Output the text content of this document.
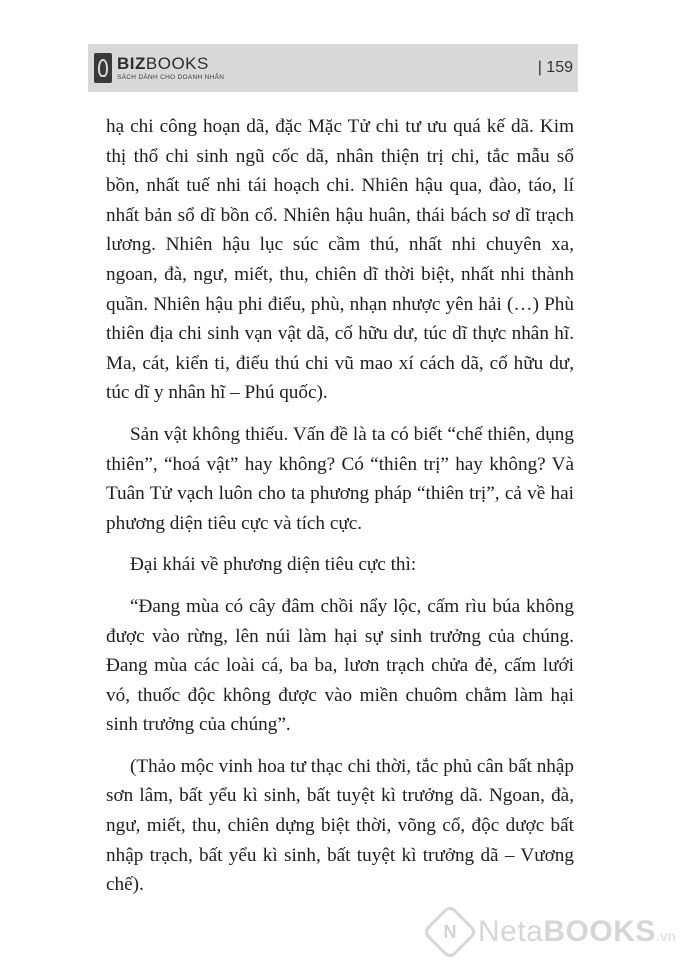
BIZBOOKS
SÁCH DÀNH CHO DOANH NHÂN
| 159

hạ chi công hoạn dã, đặc Mặc Tử chi tư ưu quá kế dã. Kim thị thổ chi sinh ngũ cốc dã, nhân thiện trị chi, tắc mẫu sổ bồn, nhất tuế nhi tái hoạch chi. Nhiên hậu qua, đào, táo, lí nhất bản sổ dĩ bồn cổ. Nhiên hậu huân, thái bách sơ dĩ trạch lương. Nhiên hậu lục súc cầm thú, nhất nhi chuyên xa, ngoan, đà, ngư, miết, thu, chiên dĩ thời biệt, nhất nhi thành quần. Nhiên hậu phi điểu, phù, nhạn nhược yên hải (…) Phù thiên địa chi sinh vạn vật dã, cố hữu dư, túc dĩ thực nhân hĩ. Ma, cát, kiển ti, điểu thú chi vũ mao xí cách dã, cố hữu dư, túc dĩ y nhân hĩ – Phú quốc).

Sản vật không thiếu. Vấn đề là ta có biết “chế thiên, dụng thiên”, “hoá vật” hay không? Có “thiên trị” hay không? Và Tuân Tử vạch luôn cho ta phương pháp “thiên trị”, cả về hai phương diện tiêu cực và tích cực.

Đại khái về phương diện tiêu cực thì:

“Đang mùa có cây đâm chồi nẩy lộc, cấm rìu búa không được vào rừng, lên núi làm hại sự sinh trưởng của chúng. Đang mùa các loài cá, ba ba, lươn trạch chửa đẻ, cấm lưới vó, thuốc độc không được vào miền chuôm chằm làm hại sinh trưởng của chúng”.

(Thảo mộc vinh hoa tư thạc chi thời, tắc phủ cân bất nhập sơn lâm, bất yểu kì sinh, bất tuyệt kì trưởng dã. Ngoan, đà, ngư, miết, thu, chiên dựng biệt thời, võng cổ, độc dược bất nhập trạch, bất yểu kì sinh, bất tuyệt kì trưởng dã – Vương chế).

N NetaBOOKS.vn
